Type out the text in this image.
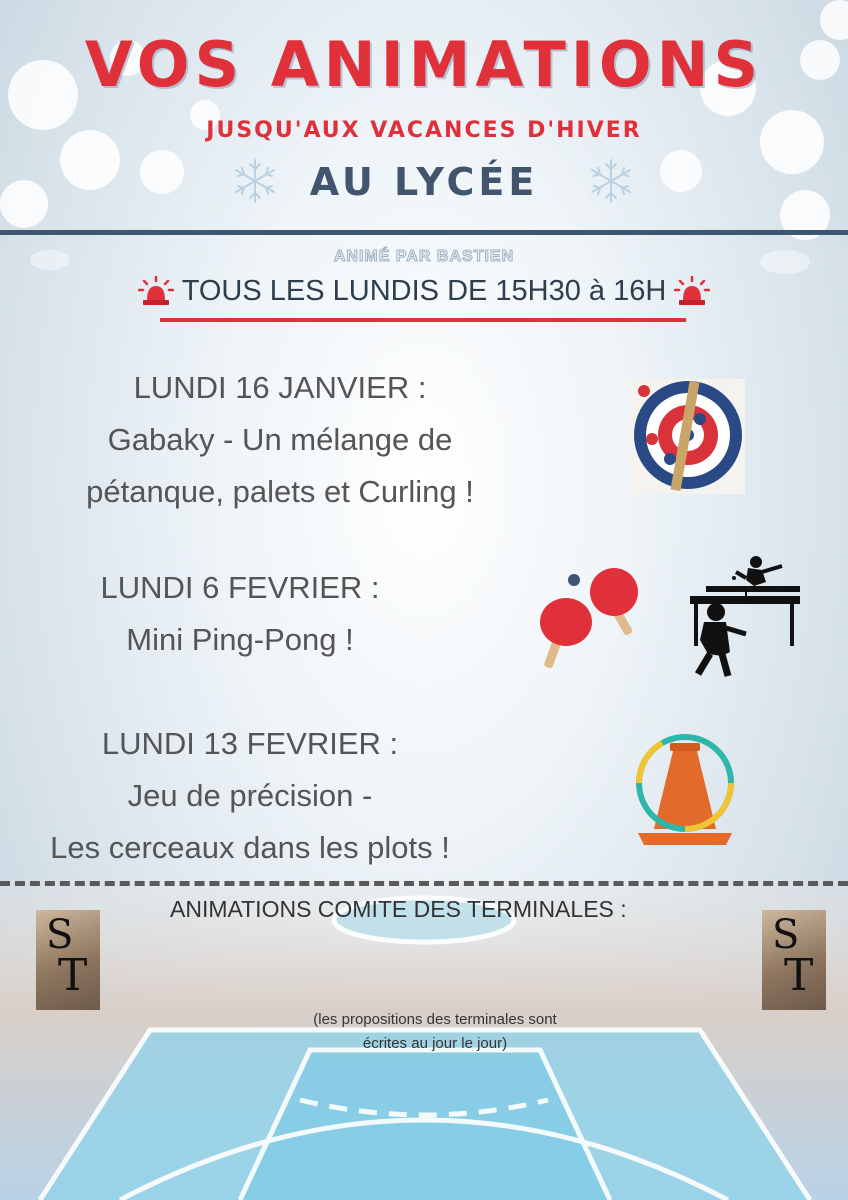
VOS ANIMATIONS
JUSQU'AUX VACANCES D'HIVER
AU LYCÉE
ANIMÉ PAR BASTIEN
TOUS LES LUNDIS DE 15H30 à 16H
LUNDI 16 JANVIER :
Gabaky - Un mélange de
pétanque, palets et Curling !
LUNDI 6 FEVRIER :
Mini Ping-Pong !
LUNDI 13 FEVRIER :
Jeu de précision -
Les cerceaux dans les plots !
S
T
ANIMATIONS COMITE DES TERMINALES :
S
T
(les propositions des terminales sont
écrites au jour le jour)
